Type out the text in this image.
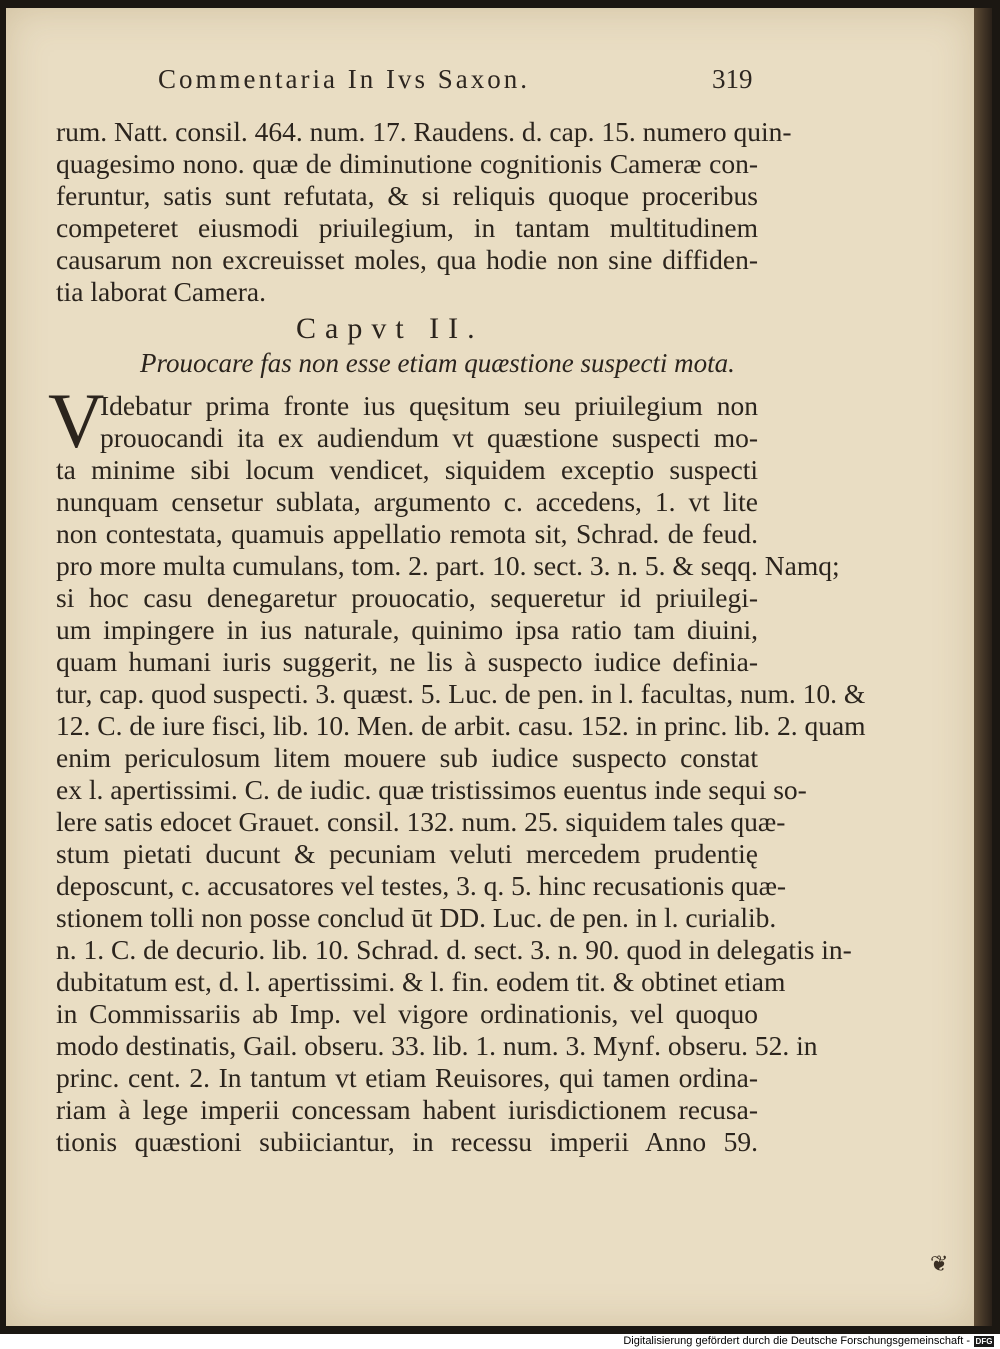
Commentaria In Ivs Saxon.	319
rum. Natt. consil. 464. num. 17. Raudens. d. cap. 15. numero quin-
quagesimo nono. quæ de diminutione cognitionis Cameræ con-
feruntur, satis sunt refutata, & si reliquis quoque proceribus
competeret eiusmodi priuilegium, in tantam multitudinem
causarum non excreuisset moles, qua hodie non sine diffiden-
tia laborat Camera.
Capvt II.
Prouocare fas non esse etiam quæstione suspecti mota.
V
Idebatur prima fronte ius quęsitum seu priuilegium non
prouocandi ita ex audiendum vt quæstione suspecti mo-
ta minime sibi locum vendicet, siquidem exceptio suspecti
nunquam censetur sublata, argumento c. accedens, 1. vt lite
non contestata, quamuis appellatio remota sit, Schrad. de feud.
pro more multa cumulans, tom. 2. part. 10. sect. 3. n. 5. & seqq. Namq;
si hoc casu denegaretur prouocatio, sequeretur id priuilegi-
um impingere in ius naturale, quinimo ipsa ratio tam diuini,
quam humani iuris suggerit, ne lis à suspecto iudice definia-
tur, cap. quod suspecti. 3. quæst. 5. Luc. de pen. in l. facultas, num. 10. &
12. C. de iure fisci, lib. 10. Men. de arbit. casu. 152. in princ. lib. 2. quam
enim periculosum litem mouere sub iudice suspecto constat
ex l. apertissimi. C. de iudic. quæ tristissimos euentus inde sequi so-
lere satis edocet Grauet. consil. 132. num. 25. siquidem tales quæ-
stum pietati ducunt & pecuniam veluti mercedem prudentię
deposcunt, c. accusatores vel testes, 3. q. 5. hinc recusationis quæ-
stionem tolli non posse conclud ūt DD. Luc. de pen. in l. curialib.
n. 1. C. de decurio. lib. 10. Schrad. d. sect. 3. n. 90. quod in delegatis in-
dubitatum est, d. l. apertissimi. & l. fin. eodem tit. & obtinet etiam
in Commissariis ab Imp. vel vigore ordinationis, vel quoquo
modo destinatis, Gail. obseru. 33. lib. 1. num. 3. Mynf. obseru. 52. in
princ. cent. 2. In tantum vt etiam Reuisores, qui tamen ordina-
riam à lege imperii concessam habent iurisdictionem recusa-
tionis quæstioni subiiciantur, in recessu imperii Anno 59.
❦
Digitalisierung gefördert durch die Deutsche Forschungsgemeinschaft - DFG
